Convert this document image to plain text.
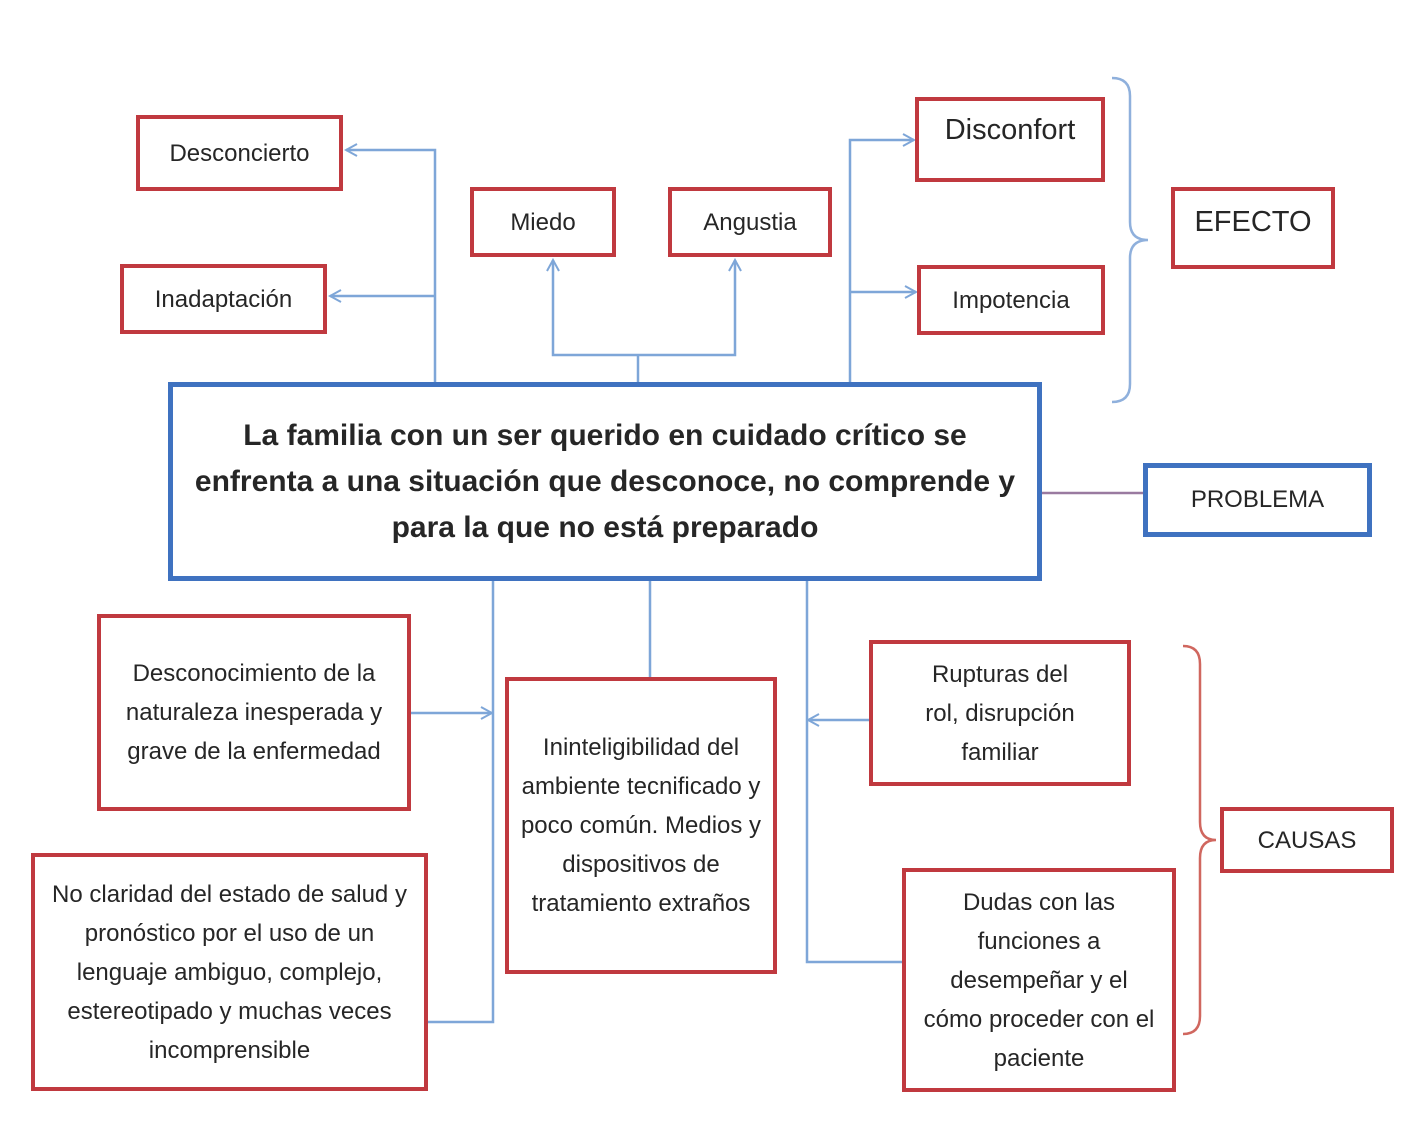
Desconcierto
Inadaptación
Miedo	Angustia
Disconfort
Impotencia
EFECTO
La familia con un ser querido en cuidado crítico se enfrenta a una situación que desconoce, no comprende y para la que no está preparado
PROBLEMA
Desconocimiento de la naturaleza inesperada y grave de la enfermedad
No claridad del estado de salud y pronóstico por el uso de un lenguaje ambiguo, complejo, estereotipado y muchas veces incomprensible
Ininteligibilidad del ambiente tecnificado y poco común. Medios y dispositivos de tratamiento extraños
Rupturas del rol, disrupción familiar
Dudas con las funciones a desempeñar y el cómo proceder con el paciente
CAUSAS
